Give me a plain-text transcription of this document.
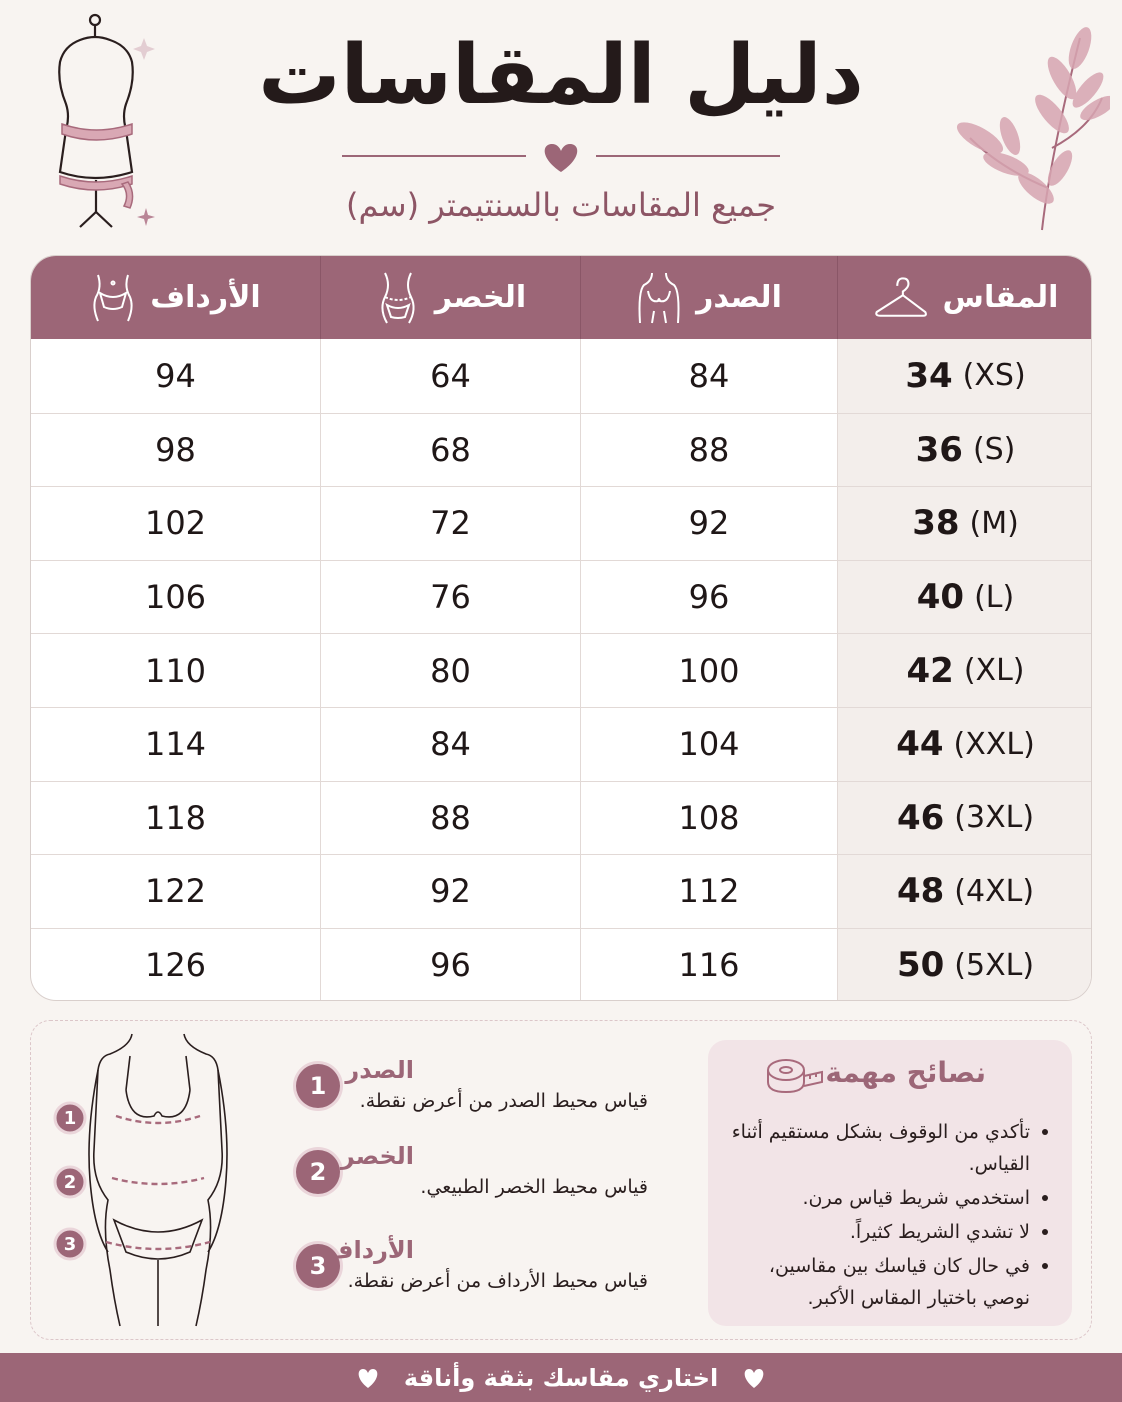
دليل المقاسات
جميع المقاسات بالسنتيمتر (سم)
الأرداف	الخصر	الصدر	المقاس
94	64	84	34 (XS)
98	68	88	36 (S)
102	72	92	38 (M)
106	76	96	40 (L)
110	80	100	42 (XL)
114	84	104	44 (XXL)
118	88	108	46 (3XL)
122	92	112	48 (4XL)
126	96	116	50 (5XL)
1
2
3
1
الصدر
قياس محيط الصدر من أعرض نقطة.
2
الخصر
قياس محيط الخصر الطبيعي.
3
الأرداف
قياس محيط الأرداف من أعرض نقطة.
نصائح مهمة
تأكدي من الوقوف بشكل مستقيم أثناء القياس.
استخدمي شريط قياس مرن.
لا تشدي الشريط كثيراً.
في حال كان قياسك بين مقاسين، نوصي باختيار المقاس الأكبر.
اختاري مقاسك بثقة وأناقة
